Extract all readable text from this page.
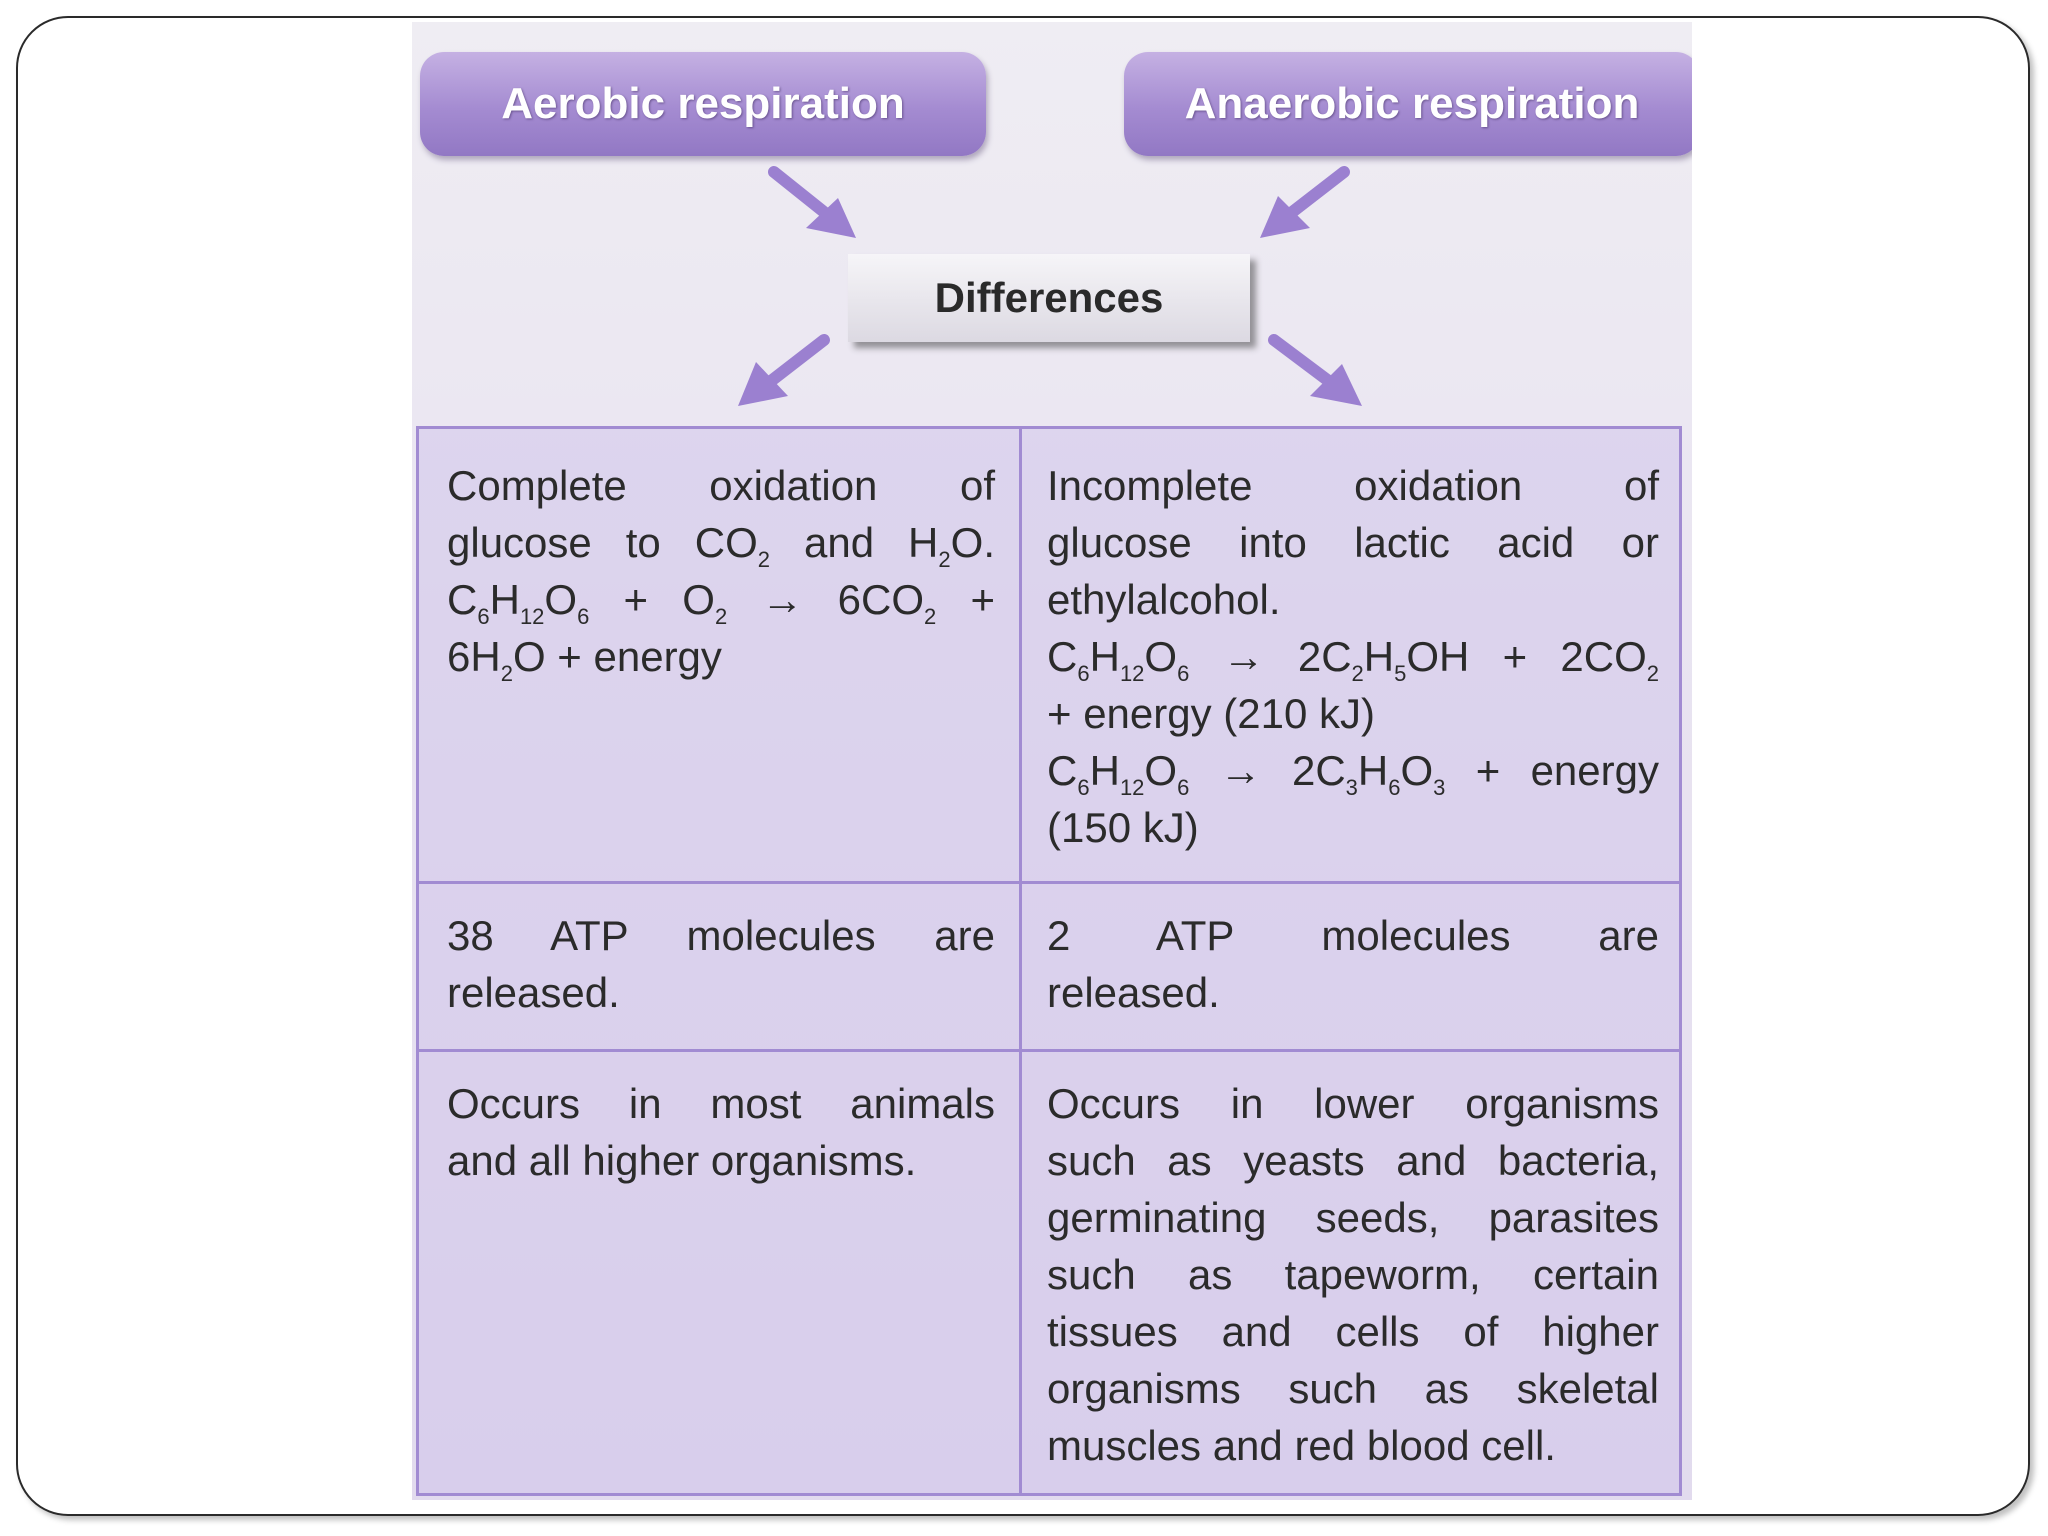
Aerobic respiration	Anaerobic respiration
Differences
Complete oxidation of
glucose to $CO_2$ and $H_2O$.
$C_6H_{12}O_6 + O_2 \to 6CO_2$ +
$6H_2O$ + energy
Incomplete oxidation of
glucose into lactic acid or
ethylalcohol.
$C_6H_{12}O_6 \to 2C_2H_5OH + 2CO_2$
+ energy (210 kJ)
$C_6H_{12}O_6 \to 2C_3H_6O_3$ + energy
(150 kJ)
38 ATP molecules are
released.
2 ATP molecules are
released.
Occurs in most animals
and all higher organisms.
Occurs in lower organisms
such as yeasts and bacteria,
germinating seeds, parasites
such as tapeworm, certain
tissues and cells of higher
organisms such as skeletal
muscles and red blood cell.
